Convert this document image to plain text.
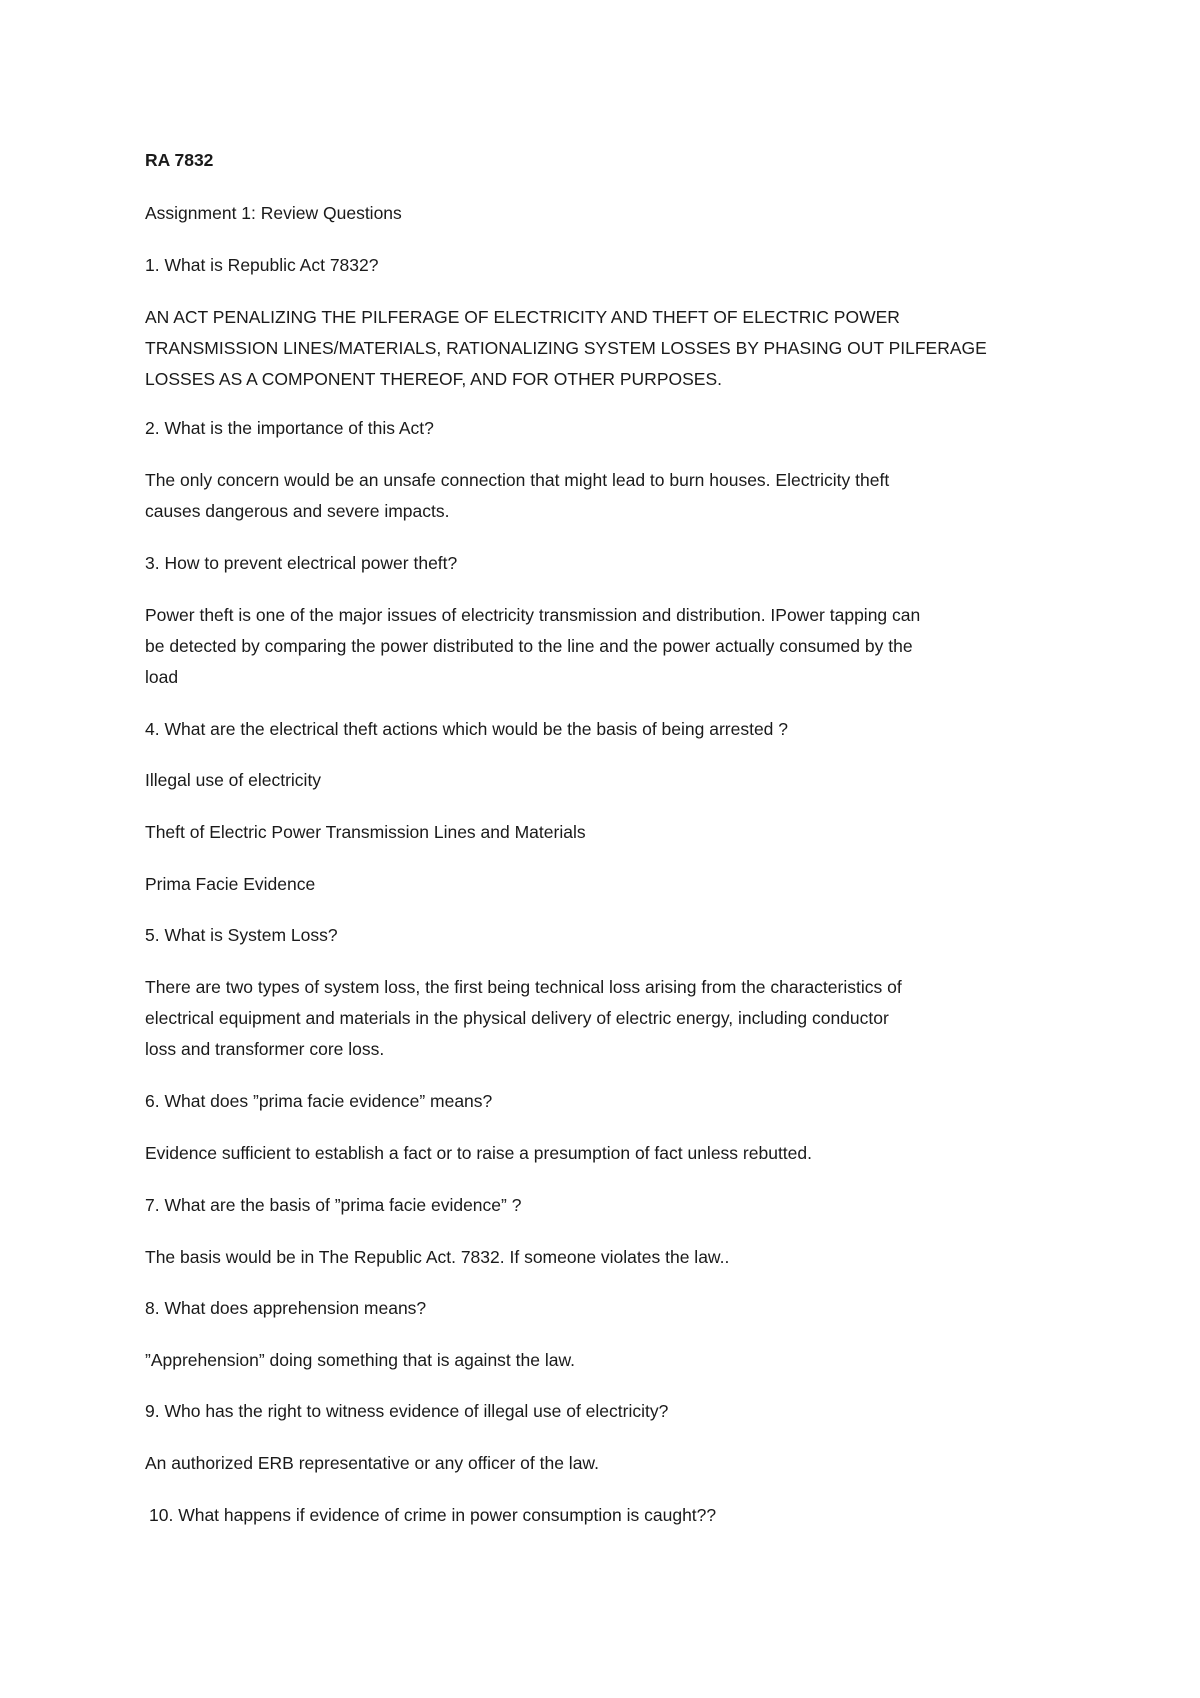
RA 7832
Assignment 1: Review Questions
1. What is Republic Act 7832?
AN ACT PENALIZING THE PILFERAGE OF ELECTRICITY AND THEFT OF ELECTRIC POWER
TRANSMISSION LINES/MATERIALS, RATIONALIZING SYSTEM LOSSES BY PHASING OUT PILFERAGE
LOSSES AS A COMPONENT THEREOF, AND FOR OTHER PURPOSES.
2. What is the importance of this Act?
The only concern would be an unsafe connection that might lead to burn houses. Electricity theft
causes dangerous and severe impacts.
3. How to prevent electrical power theft?
Power theft is one of the major issues of electricity transmission and distribution. IPower tapping can
be detected by comparing the power distributed to the line and the power actually consumed by the
load
4. What are the electrical theft actions which would be the basis of being arrested ?
Illegal use of electricity
Theft of Electric Power Transmission Lines and Materials
Prima Facie Evidence
5. What is System Loss?
There are two types of system loss, the first being technical loss arising from the characteristics of
electrical equipment and materials in the physical delivery of electric energy, including conductor
loss and transformer core loss.
6. What does ”prima facie evidence” means?
Evidence sufficient to establish a fact or to raise a presumption of fact unless rebutted.
7. What are the basis of ”prima facie evidence” ?
The basis would be in The Republic Act. 7832. If someone violates the law..
8. What does apprehension means?
”Apprehension” doing something that is against the law.
9. Who has the right to witness evidence of illegal use of electricity?
An authorized ERB representative or any officer of the law.
10. What happens if evidence of crime in power consumption is caught??
